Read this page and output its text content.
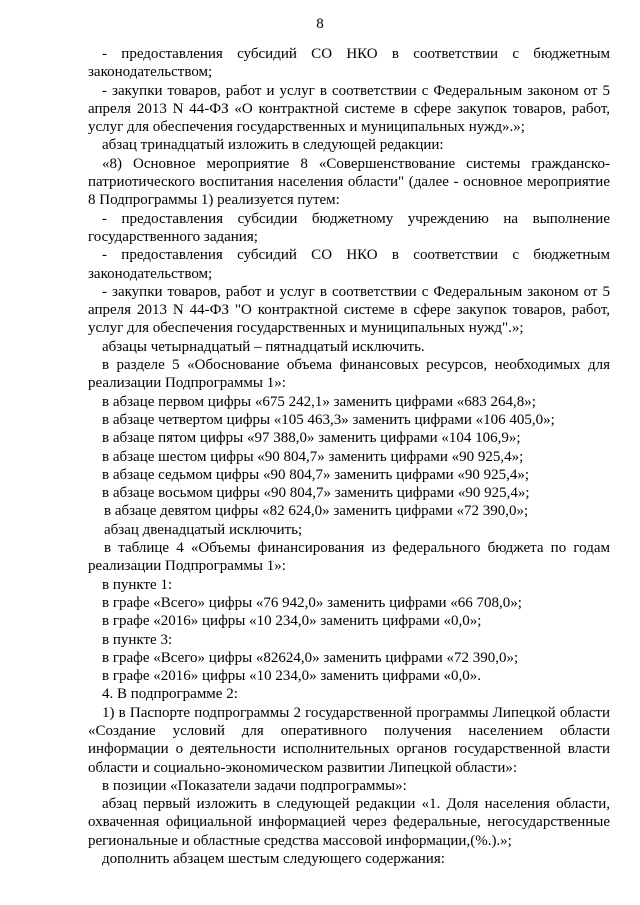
8

- предоставления субсидий СО НКО в соответствии с бюджетным законодательством;

- закупки товаров, работ и услуг в соответствии с Федеральным законом от 5 апреля 2013 N 44-ФЗ «О контрактной системе в сфере закупок товаров, работ, услуг для обеспечения государственных и муниципальных нужд».»;

абзац тринадцатый изложить в следующей редакции:

«8) Основное мероприятие 8 «Совершенствование системы гражданско-патриотического воспитания населения области" (далее - основное мероприятие 8 Подпрограммы 1) реализуется путем:

- предоставления субсидии бюджетному учреждению на выполнение государственного задания;

- предоставления субсидий СО НКО в соответствии с бюджетным законодательством;

- закупки товаров, работ и услуг в соответствии с Федеральным законом от 5 апреля 2013 N 44-ФЗ "О контрактной системе в сфере закупок товаров, работ, услуг для обеспечения государственных и муниципальных нужд".»;

абзацы четырнадцатый – пятнадцатый исключить.

в разделе 5 «Обоснование объема финансовых ресурсов, необходимых для реализации Подпрограммы 1»:

в абзаце первом цифры «675 242,1» заменить цифрами «683 264,8»;

в абзаце четвертом цифры «105 463,3» заменить цифрами «106 405,0»;

в абзаце пятом цифры «97 388,0» заменить цифрами «104 106,9»;

в абзаце шестом цифры «90 804,7» заменить цифрами «90 925,4»;

в абзаце седьмом цифры «90 804,7» заменить цифрами «90 925,4»;

в абзаце восьмом цифры «90 804,7» заменить цифрами «90 925,4»;

в абзаце девятом цифры «82 624,0» заменить цифрами «72 390,0»;

абзац двенадцатый исключить;

в таблице 4 «Объемы финансирования из федерального бюджета по годам реализации Подпрограммы 1»:

в пункте 1:

в графе «Всего» цифры «76 942,0» заменить цифрами «66 708,0»;

в графе «2016» цифры «10 234,0» заменить цифрами «0,0»;

в пункте 3:

в графе «Всего» цифры «82624,0» заменить цифрами «72 390,0»;

в графе «2016» цифры «10 234,0» заменить цифрами «0,0».

4. В подпрограмме 2:

1) в Паспорте подпрограммы 2 государственной программы Липецкой области «Создание условий для оперативного получения населением области информации о деятельности исполнительных органов государственной власти области и социально-экономическом развитии Липецкой области»:

в позиции «Показатели задачи подпрограммы»:

абзац первый изложить в следующей редакции «1. Доля населения области, охваченная официальной информацией через федеральные, негосударственные региональные и областные средства массовой информации,(%.).»;

дополнить абзацем шестым следующего содержания:
